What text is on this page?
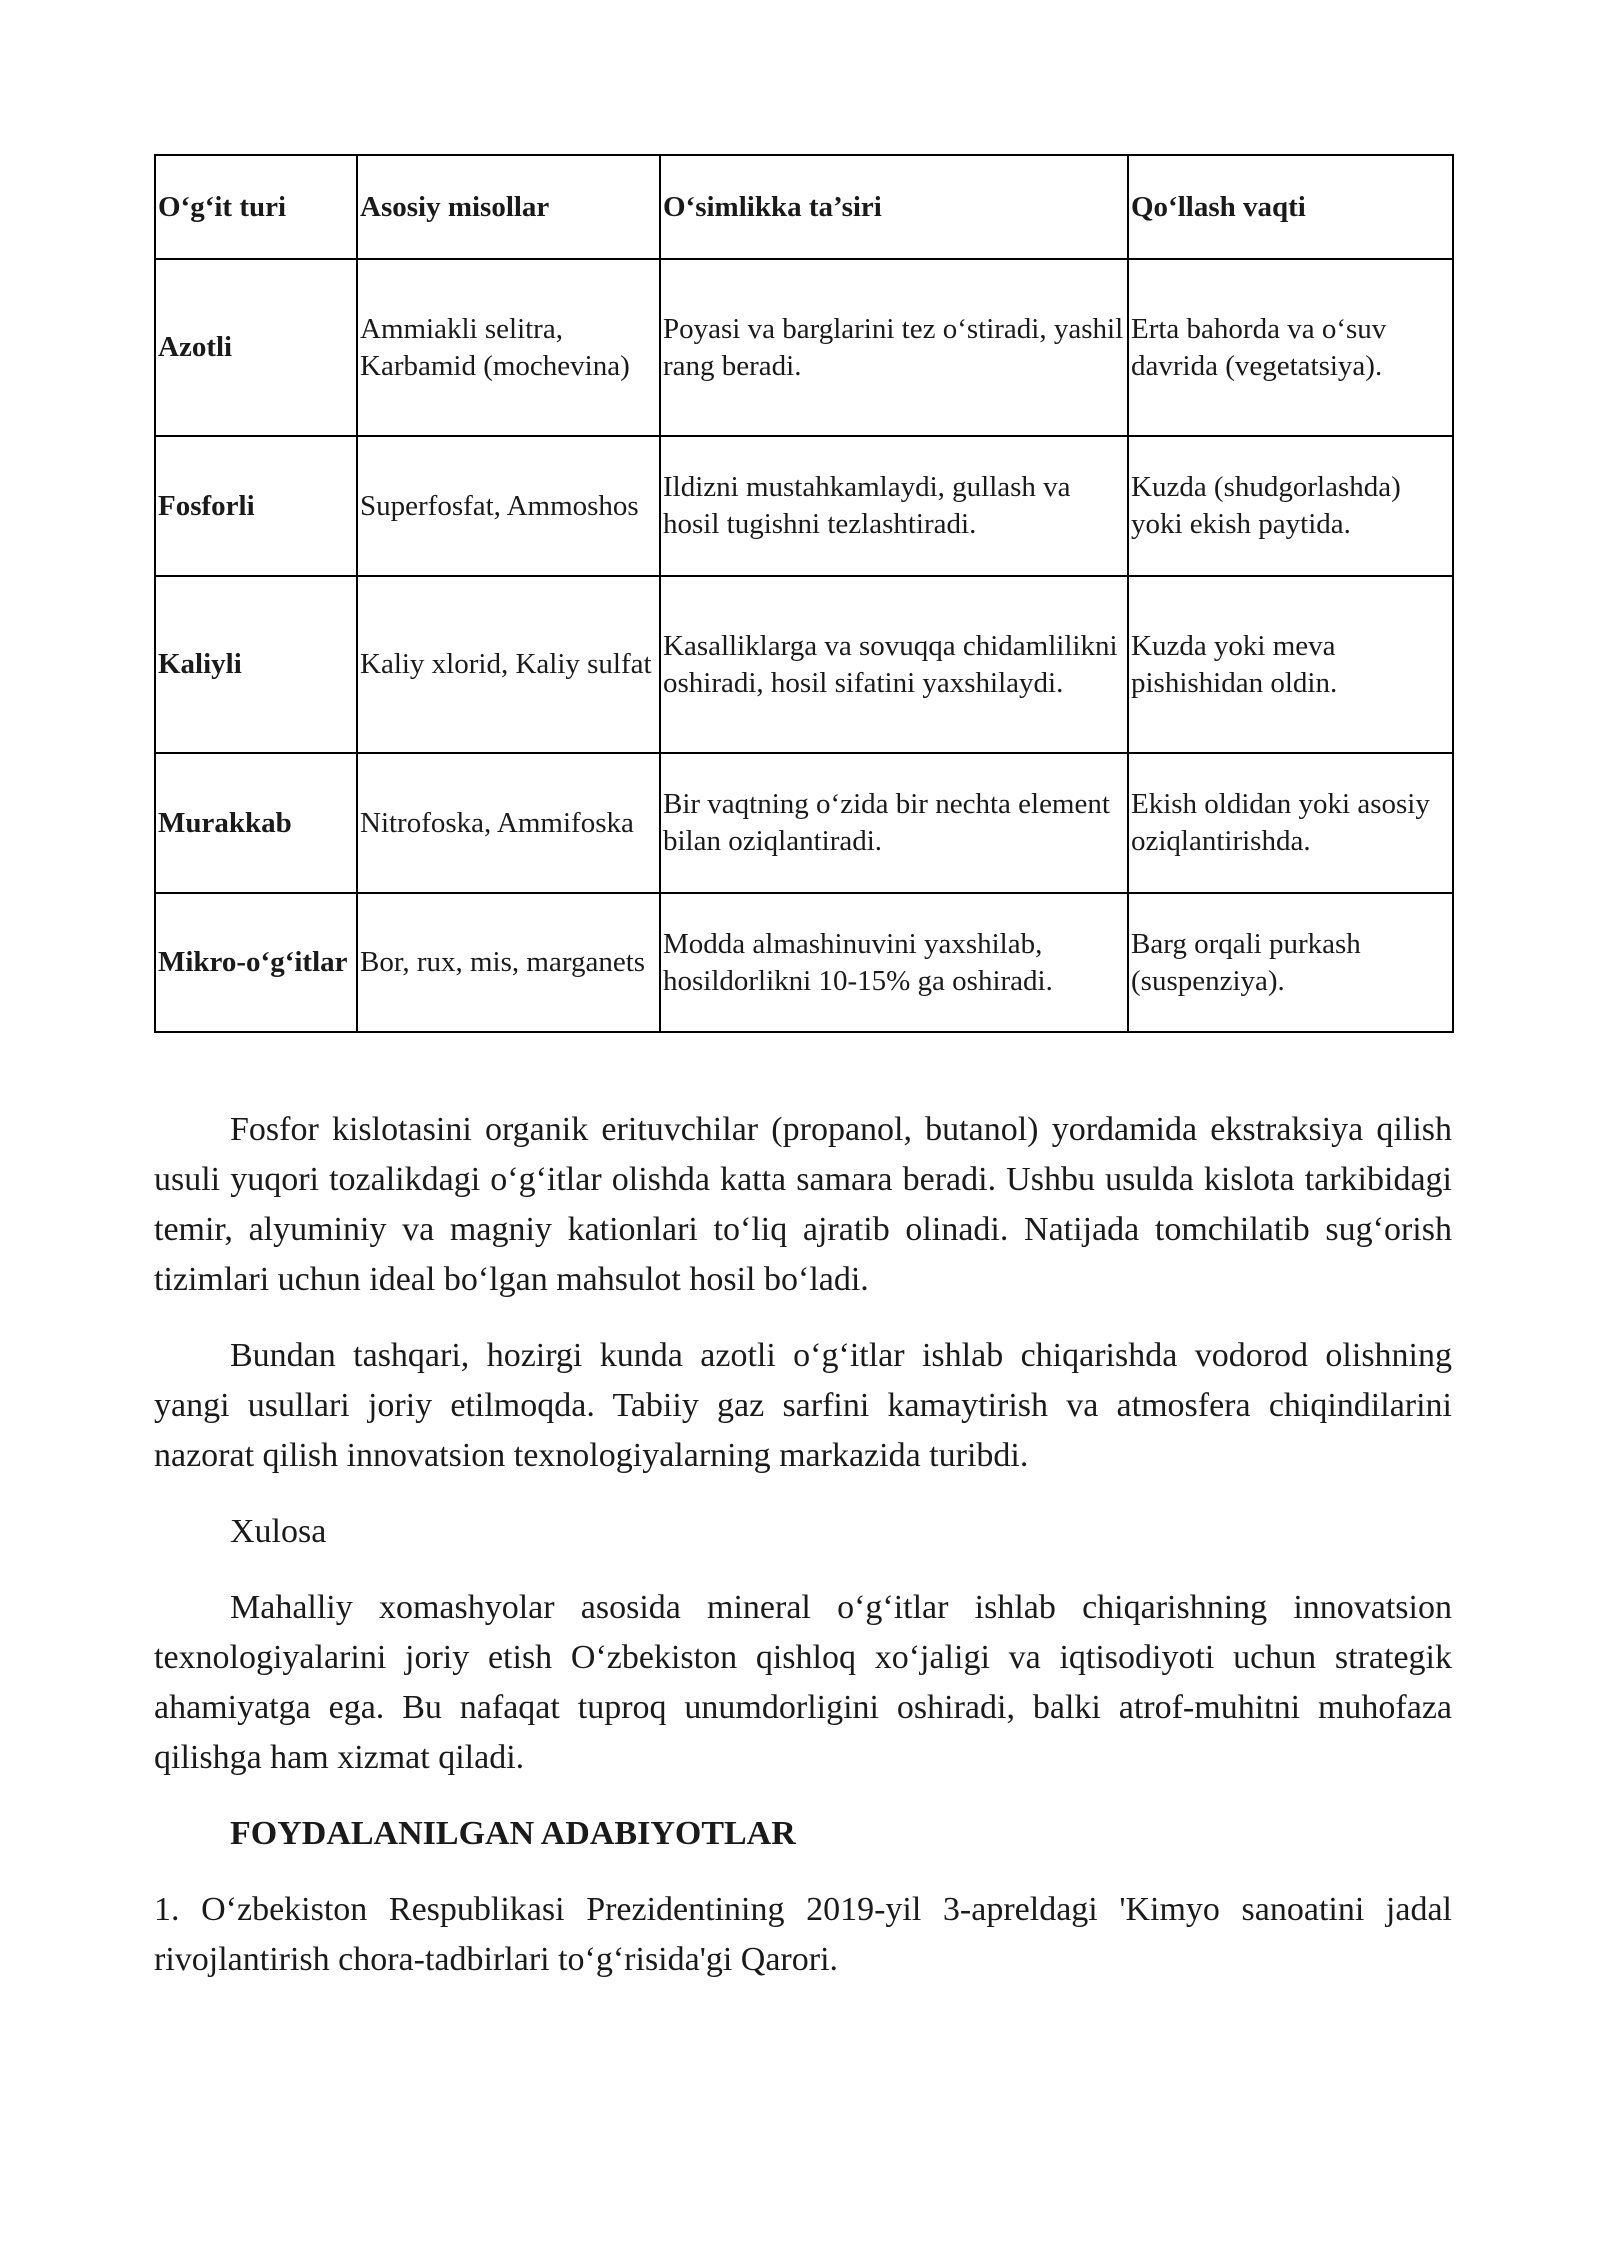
O‘g‘it turi	Asosiy misollar	O‘simlikka ta’siri	Qo‘llash vaqti
Azotli	Ammiakli selitra, Karbamid (mochevina)	Poyasi va barglarini tez o‘stiradi, yashil rang beradi.	Erta bahorda va o‘suv davrida (vegetatsiya).
Fosforli	Superfosfat, Ammoshos	Ildizni mustahkamlaydi, gullash va hosil tugishni tezlashtiradi.	Kuzda (shudgorlashda) yoki ekish paytida.
Kaliyli	Kaliy xlorid, Kaliy sulfat	Kasalliklarga va sovuqqa chidamlilikni oshiradi, hosil sifatini yaxshilaydi.	Kuzda yoki meva pishishidan oldin.
Murakkab	Nitrofoska, Ammifoska	Bir vaqtning o‘zida bir nechta element bilan oziqlantiradi.	Ekish oldidan yoki asosiy oziqlantirishda.
Mikro-o‘g‘itlar	Bor, rux, mis, marganets	Modda almashinuvini yaxshilab, hosildorlikni 10-15% ga oshiradi.	Barg orqali purkash (suspenziya).

Fosfor kislotasini organik erituvchilar (propanol, butanol) yordamida ekstraksiya qilish usuli yuqori tozalikdagi o‘g‘itlar olishda katta samara beradi. Ushbu usulda kislota tarkibidagi temir, alyuminiy va magniy kationlari to‘liq ajratib olinadi. Natijada tomchilatib sug‘orish tizimlari uchun ideal bo‘lgan mahsulot hosil bo‘ladi.

Bundan tashqari, hozirgi kunda azotli o‘g‘itlar ishlab chiqarishda vodorod olishning yangi usullari joriy etilmoqda. Tabiiy gaz sarfini kamaytirish va atmosfera chiqindilarini nazorat qilish innovatsion texnologiyalarning markazida turibdi.

Xulosa

Mahalliy xomashyolar asosida mineral o‘g‘itlar ishlab chiqarishning innovatsion texnologiyalarini joriy etish O‘zbekiston qishloq xo‘jaligi va iqtisodiyoti uchun strategik ahamiyatga ega. Bu nafaqat tuproq unumdorligini oshiradi, balki atrof-muhitni muhofaza qilishga ham xizmat qiladi.

FOYDALANILGAN ADABIYOTLAR

1. O‘zbekiston Respublikasi Prezidentining 2019-yil 3-apreldagi 'Kimyo sanoatini jadal rivojlantirish chora-tadbirlari to‘g‘risida'gi Qarori.
